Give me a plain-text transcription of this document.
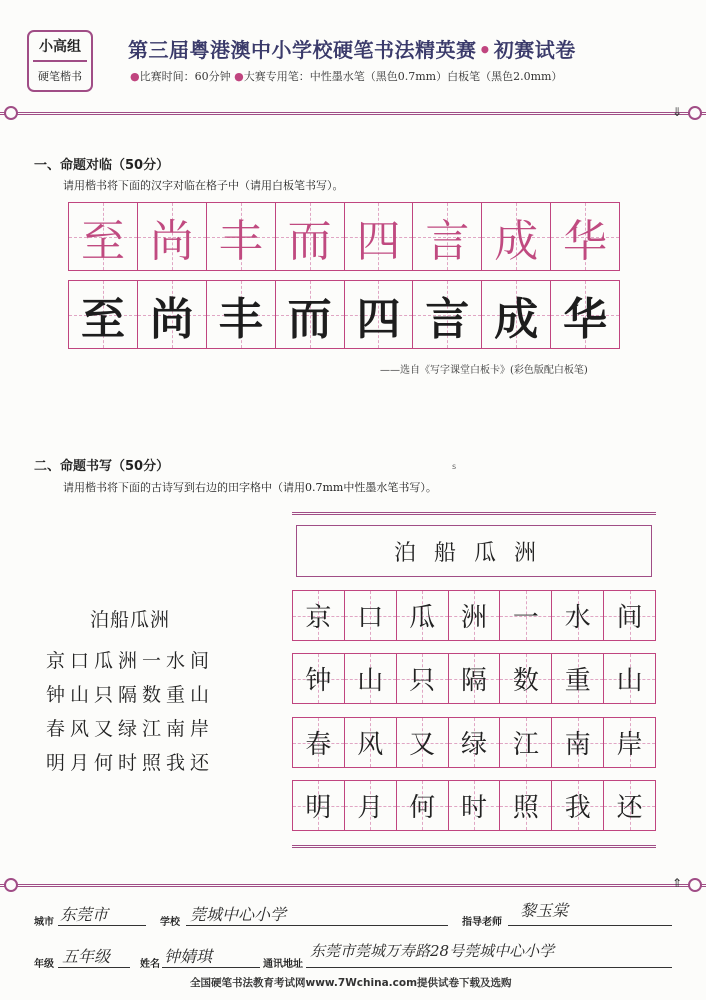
小高组
硬笔楷书
第三届粤港澳中小学校硬笔书法精英赛 • 初赛试卷
●比赛时间：60分钟 ●大赛专用笔：中性墨水笔（黑色0.7mm）白板笔（黑色2.0mm）
⇓
一、命题对临（50分）
请用楷书将下面的汉字对临在格子中（请用白板笔书写）。
至 尚 丰 而 四 言 成 华
至 尚 丰 而 四 言 成 华
——选自《写字课堂白板卡》(彩色版配白板笔)
二、命题书写（50分）	s
请用楷书将下面的古诗写到右边的田字格中（请用0.7mm中性墨水笔书写）。
泊船瓜洲
京口瓜洲一水间
钟山只隔数重山
春风又绿江南岸
明月何时照我还
泊船瓜洲
京 口 瓜 洲 一 水 间
钟 山 只 隔 数 重 山
春 风 又 绿 江 南 岸
明 月 何 时 照 我 还
⇑
城市 东莞市	学校 莞城中心小学	指导老师
黎玉棠
年级 五年级	姓名 钟婧琪	通讯地址
东莞市莞城万寿路28号莞城中心小学
全国硬笔书法教育考试网www.7Wchina.com提供试卷下载及选购
